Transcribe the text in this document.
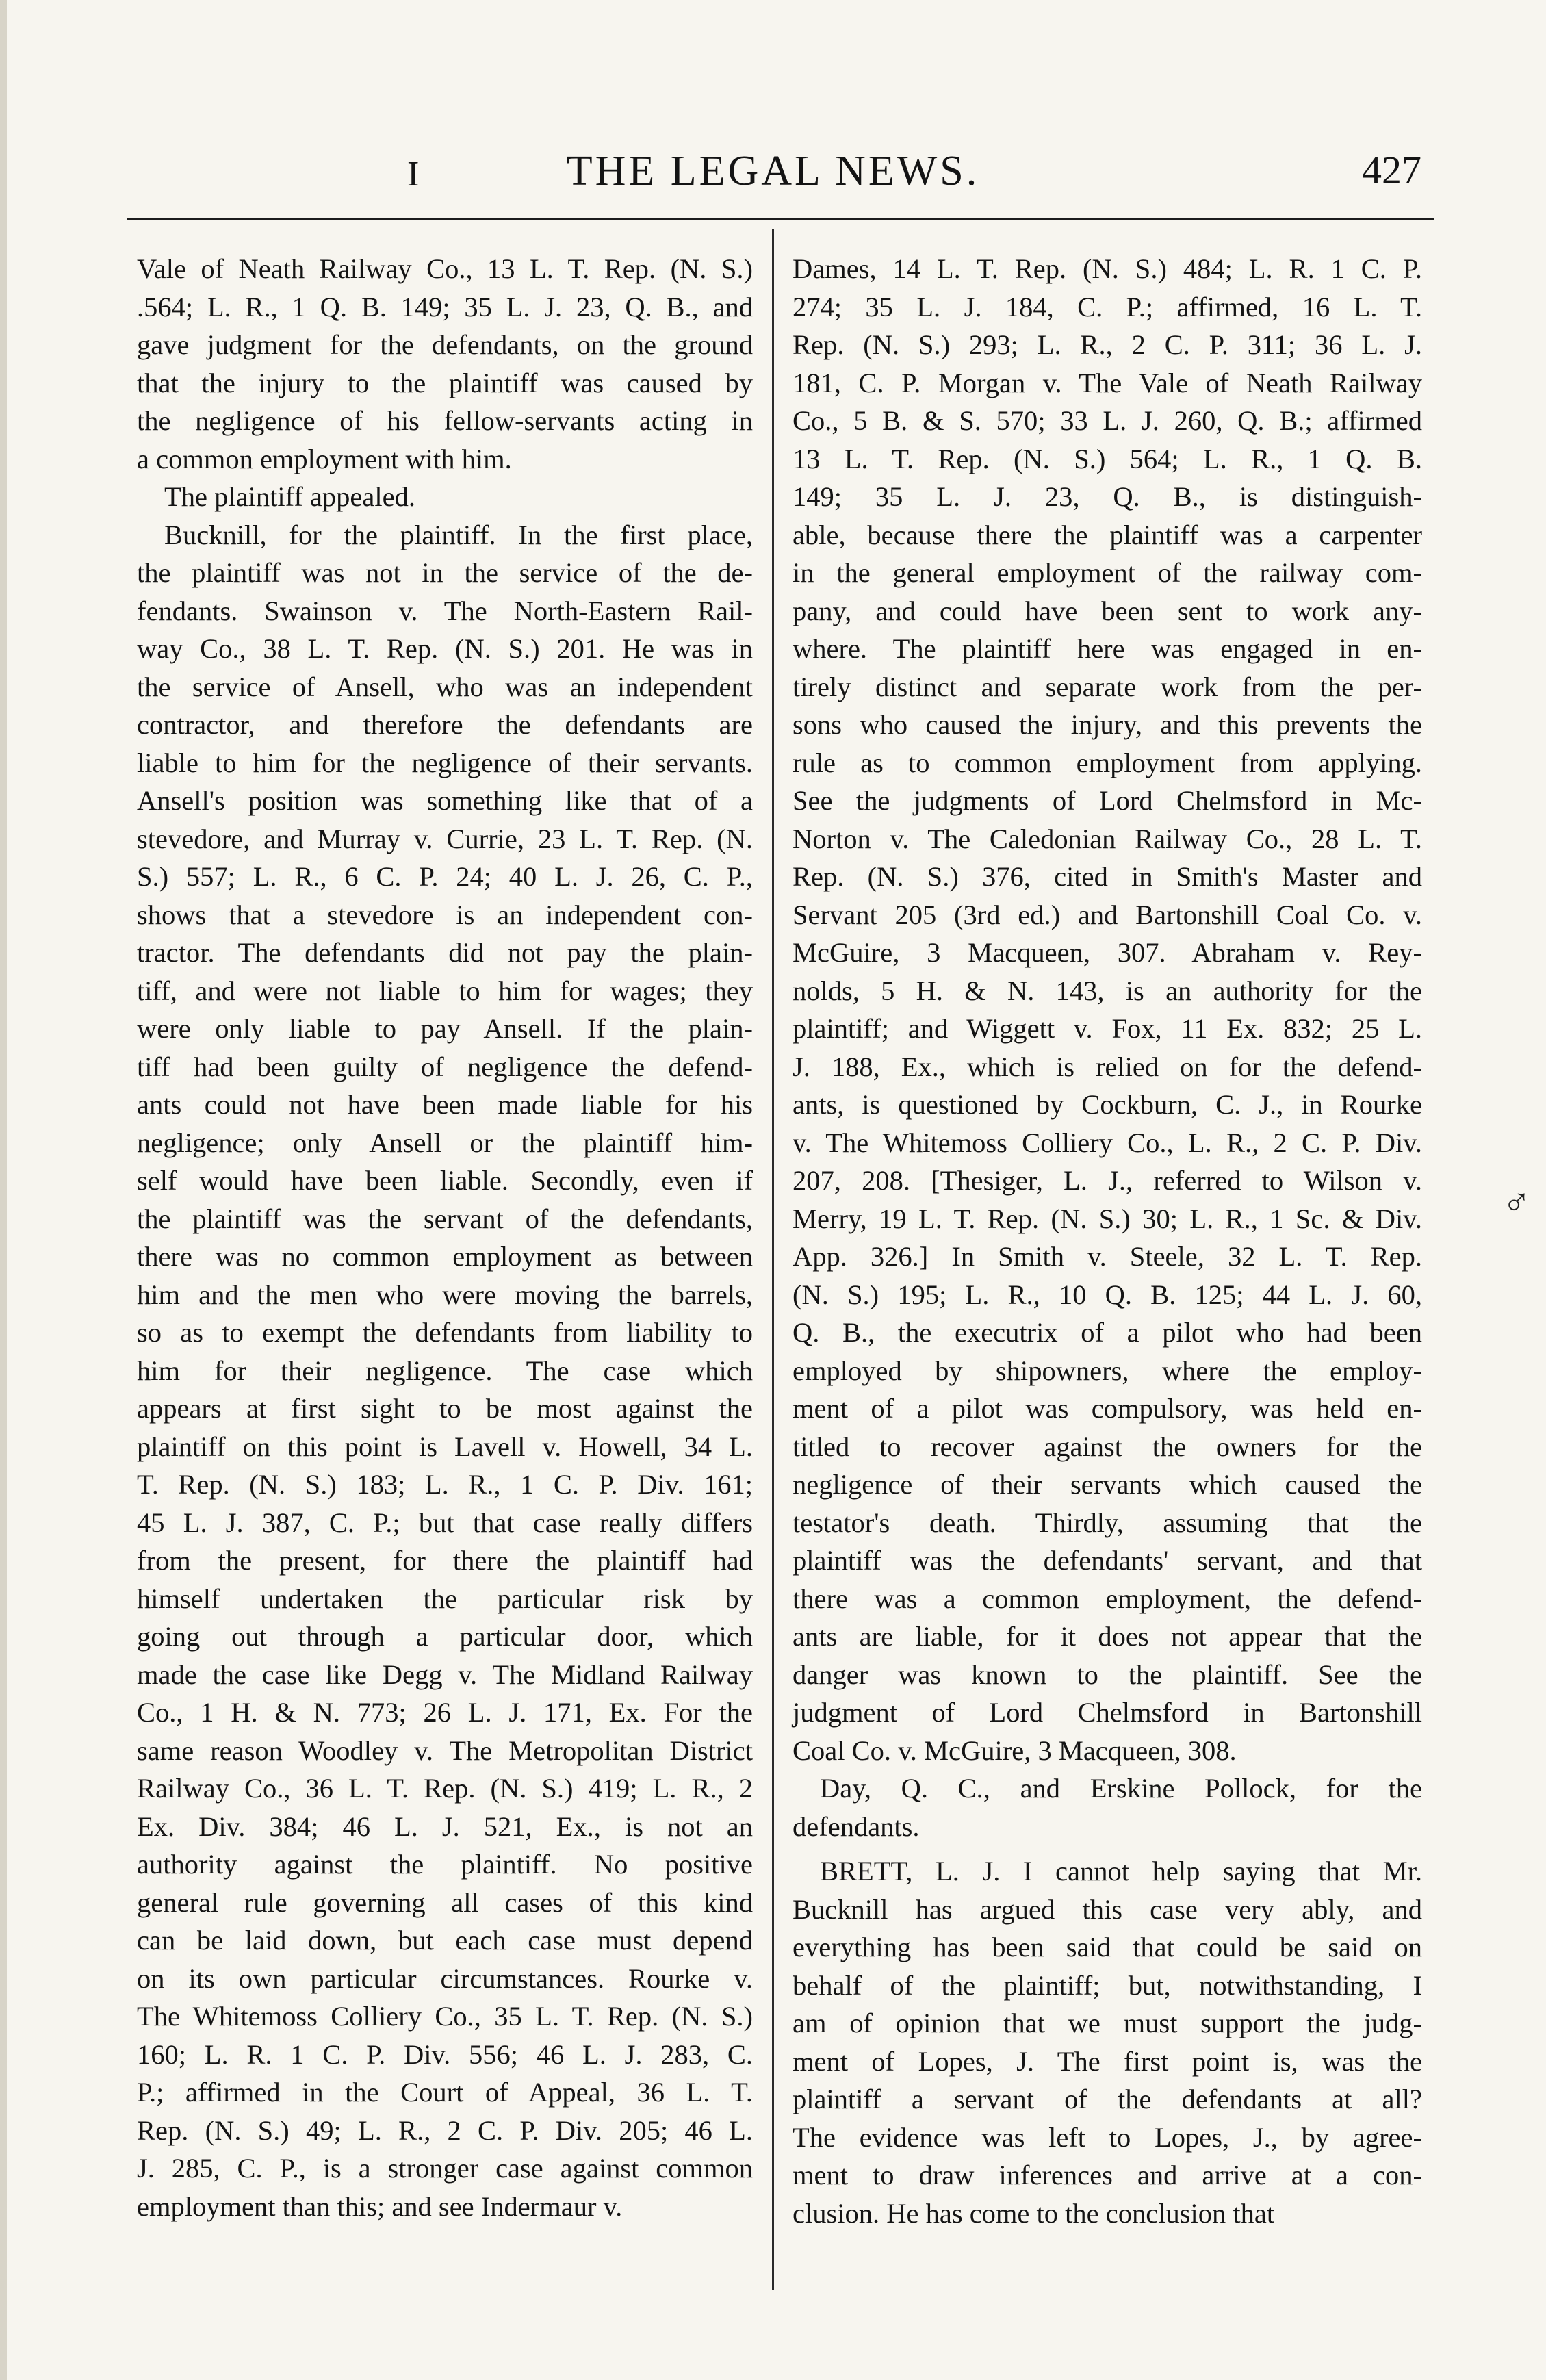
I	THE LEGAL NEWS.	427
Vale of Neath Railway Co., 13 L. T. Rep. (N. S.)
.564; L. R., 1 Q. B. 149; 35 L. J. 23, Q. B., and
gave judgment for the defendants, on the ground
that the injury to the plaintiff was caused by
the negligence of his fellow-servants acting in
a common employment with him.
The plaintiff appealed.
Bucknill, for the plaintiff. In the first place,
the plaintiff was not in the service of the de-
fendants. Swainson v. The North-Eastern Rail-
way Co., 38 L. T. Rep. (N. S.) 201. He was in
the service of Ansell, who was an independent
contractor, and therefore the defendants are
liable to him for the negligence of their servants.
Ansell's position was something like that of a
stevedore, and Murray v. Currie, 23 L. T. Rep. (N.
S.) 557; L. R., 6 C. P. 24; 40 L. J. 26, C. P.,
shows that a stevedore is an independent con-
tractor. The defendants did not pay the plain-
tiff, and were not liable to him for wages; they
were only liable to pay Ansell. If the plain-
tiff had been guilty of negligence the defend-
ants could not have been made liable for his
negligence; only Ansell or the plaintiff him-
self would have been liable. Secondly, even if
the plaintiff was the servant of the defendants,
there was no common employment as between
him and the men who were moving the barrels,
so as to exempt the defendants from liability to
him for their negligence. The case which
appears at first sight to be most against the
plaintiff on this point is Lavell v. Howell, 34 L.
T. Rep. (N. S.) 183; L. R., 1 C. P. Div. 161;
45 L. J. 387, C. P.; but that case really differs
from the present, for there the plaintiff had
himself undertaken the particular risk by
going out through a particular door, which
made the case like Degg v. The Midland Railway
Co., 1 H. & N. 773; 26 L. J. 171, Ex. For the
same reason Woodley v. The Metropolitan District
Railway Co., 36 L. T. Rep. (N. S.) 419; L. R., 2
Ex. Div. 384; 46 L. J. 521, Ex., is not an
authority against the plaintiff. No positive
general rule governing all cases of this kind
can be laid down, but each case must depend
on its own particular circumstances. Rourke v.
The Whitemoss Colliery Co., 35 L. T. Rep. (N. S.)
160; L. R. 1 C. P. Div. 556; 46 L. J. 283, C.
P.; affirmed in the Court of Appeal, 36 L. T.
Rep. (N. S.) 49; L. R., 2 C. P. Div. 205; 46 L.
J. 285, C. P., is a stronger case against common
employment than this; and see Indermaur v.
Dames, 14 L. T. Rep. (N. S.) 484; L. R. 1 C. P.
274; 35 L. J. 184, C. P.; affirmed, 16 L. T.
Rep. (N. S.) 293; L. R., 2 C. P. 311; 36 L. J.
181, C. P. Morgan v. The Vale of Neath Railway
Co., 5 B. & S. 570; 33 L. J. 260, Q. B.; affirmed
13 L. T. Rep. (N. S.) 564; L. R., 1 Q. B.
149; 35 L. J. 23, Q. B., is distinguish-
able, because there the plaintiff was a carpenter
in the general employment of the railway com-
pany, and could have been sent to work any-
where. The plaintiff here was engaged in en-
tirely distinct and separate work from the per-
sons who caused the injury, and this prevents the
rule as to common employment from applying.
See the judgments of Lord Chelmsford in Mc-
Norton v. The Caledonian Railway Co., 28 L. T.
Rep. (N. S.) 376, cited in Smith's Master and
Servant 205 (3rd ed.) and Bartonshill Coal Co. v.
McGuire, 3 Macqueen, 307. Abraham v. Rey-
nolds, 5 H. & N. 143, is an authority for the
plaintiff; and Wiggett v. Fox, 11 Ex. 832; 25 L.
J. 188, Ex., which is relied on for the defend-
ants, is questioned by Cockburn, C. J., in Rourke
v. The Whitemoss Colliery Co., L. R., 2 C. P. Div.
207, 208. [Thesiger, L. J., referred to Wilson v.
Merry, 19 L. T. Rep. (N. S.) 30; L. R., 1 Sc. & Div.
App. 326.] In Smith v. Steele, 32 L. T. Rep.
(N. S.) 195; L. R., 10 Q. B. 125; 44 L. J. 60,
Q. B., the executrix of a pilot who had been
employed by shipowners, where the employ-
ment of a pilot was compulsory, was held en-
titled to recover against the owners for the
negligence of their servants which caused the
testator's death. Thirdly, assuming that the
plaintiff was the defendants' servant, and that
there was a common employment, the defend-
ants are liable, for it does not appear that the
danger was known to the plaintiff. See the
judgment of Lord Chelmsford in Bartonshill
Coal Co. v. McGuire, 3 Macqueen, 308.
Day, Q. C., and Erskine Pollock, for the
defendants.
BRETT, L. J. I cannot help saying that Mr.
Bucknill has argued this case very ably, and
everything has been said that could be said on
behalf of the plaintiff; but, notwithstanding, I
am of opinion that we must support the judg-
ment of Lopes, J. The first point is, was the
plaintiff a servant of the defendants at all?
The evidence was left to Lopes, J., by agree-
ment to draw inferences and arrive at a con-
clusion. He has come to the conclusion that
♂
